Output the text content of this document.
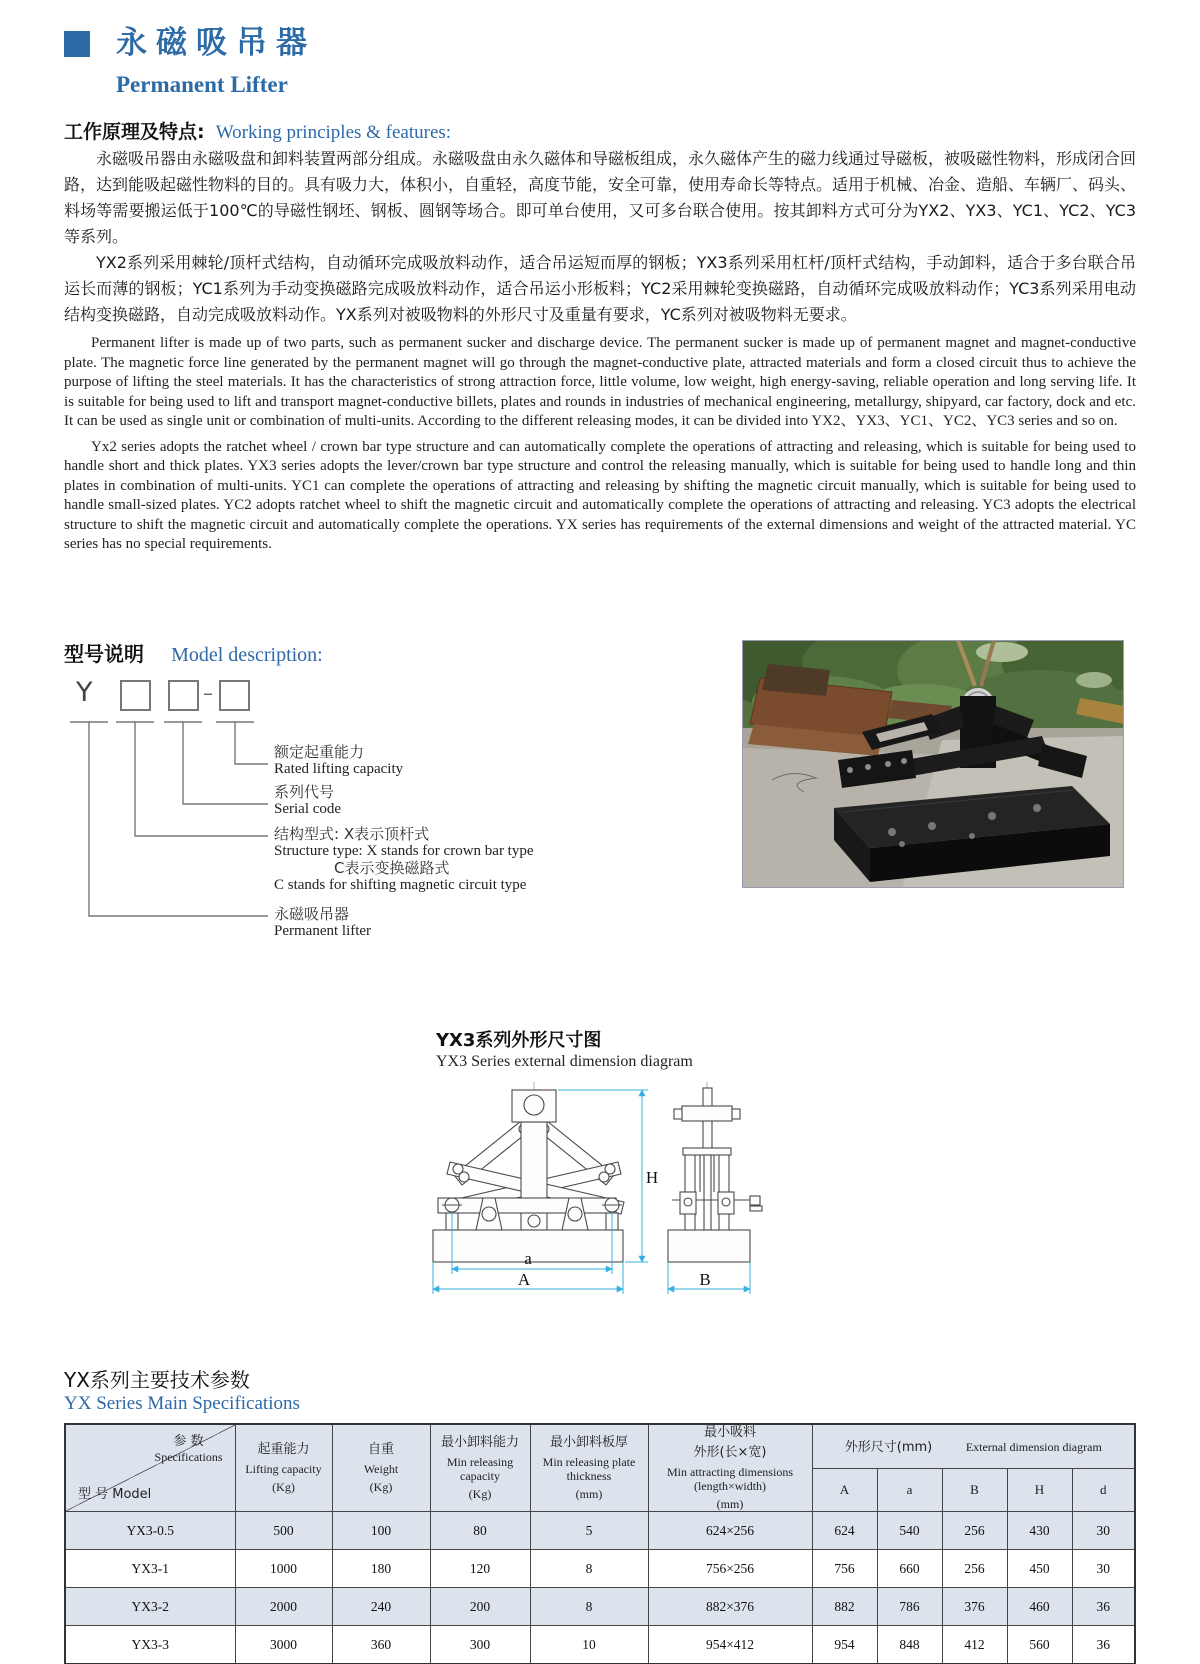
永磁吸吊器
Permanent Lifter
工作原理及特点: Working principles & features:

永磁吸吊器由永磁吸盘和卸料装置两部分组成。永磁吸盘由永久磁体和导磁板组成，永久磁体产生的磁力线通过导磁板，被吸磁性物料，形成闭合回路，达到能吸起磁性物料的目的。具有吸力大，体积小，自重轻，高度节能，安全可靠，使用寿命长等特点。适用于机械、冶金、造船、车辆厂、码头、料场等需要搬运低于100℃的导磁性钢坯、钢板、圆钢等场合。即可单台使用，又可多台联合使用。按其卸料方式可分为YX2、YX3、YC1、YC2、YC3等系列。

YX2系列采用棘轮/顶杆式结构，自动循环完成吸放料动作，适合吊运短而厚的钢板；YX3系列采用杠杆/顶杆式结构，手动卸料，适合于多台联合吊运长而薄的钢板；YC1系列为手动变换磁路完成吸放料动作，适合吊运小形板料；YC2采用棘轮变换磁路，自动循环完成吸放料动作；YC3系列采用电动结构变换磁路，自动完成吸放料动作。YX系列对被吸物料的外形尺寸及重量有要求，YC系列对被吸物料无要求。

Permanent lifter is made up of two parts, such as permanent sucker and discharge device. The permanent sucker is made up of permanent magnet and magnet-conductive plate. The magnetic force line generated by the permanent magnet will go through the magnet-conductive plate, attracted materials and form a closed circuit thus to achieve the purpose of lifting the steel materials. It has the characteristics of strong attraction force, little volume, low weight, high energy-saving, reliable operation and long serving life. It is suitable for being used to lift and transport magnet-conductive billets, plates and rounds in industries of mechanical engineering, metallurgy, shipyard, car factory, dock and etc. It can be used as single unit or combination of multi-units. According to the different releasing modes, it can be divided into YX2、YX3、YC1、YC2、YC3 series and so on.

Yx2 series adopts the ratchet wheel / crown bar type structure and can automatically complete the operations of attracting and releasing, which is suitable for being used to handle short and thick plates. YX3 series adopts the lever/crown bar type structure and control the releasing manually, which is suitable for being used to handle long and thin plates in combination of multi-units. YC1 can complete the operations of attracting and releasing by shifting the magnetic circuit manually, which is suitable for being used to handle small-sized plates. YC2 adopts ratchet wheel to shift the magnetic circuit and automatically complete the operations of attracting and releasing. YC3 adopts the electrical structure to shift the magnetic circuit and automatically complete the operations. YX series has requirements of the external dimensions and weight of the attracted material. YC series has no special requirements.

型号说明 Model description:
Y	–
额定起重能力
Rated lifting capacity
系列代号
Serial code
结构型式: X表示顶杆式
Structure type: X stands for crown bar type
C表示变换磁路式
C stands for shifting magnetic circuit type
永磁吸吊器
Permanent lifter
YX3系列外形尺寸图
YX3 Series external dimension diagram
H
a
A	B
YX系列主要技术参数
YX Series Main Specifications
参 数
Specifications
型 号 Model

起重能力
Lifting capacity
(Kg)

自重
Weight
(Kg)

最小卸料能力
Min releasing capacity
(Kg)

最小卸料板厚
Min releasing plate thickness
(mm)

最小吸料
外形(长×宽)
Min attracting dimensions
(length×width)
(mm)
	外形尺寸(mm)	External dimension diagram
						A	a	B	H	d
YX3-0.5	500	100	80	5	624×256	624	540	256	430	30
YX3-1	1000	180	120	8	756×256	756	660	256	450	30
YX3-2	2000	240	200	8	882×376	882	786	376	460	36
YX3-3	3000	360	300	10	954×412	954	848	412	560	36
